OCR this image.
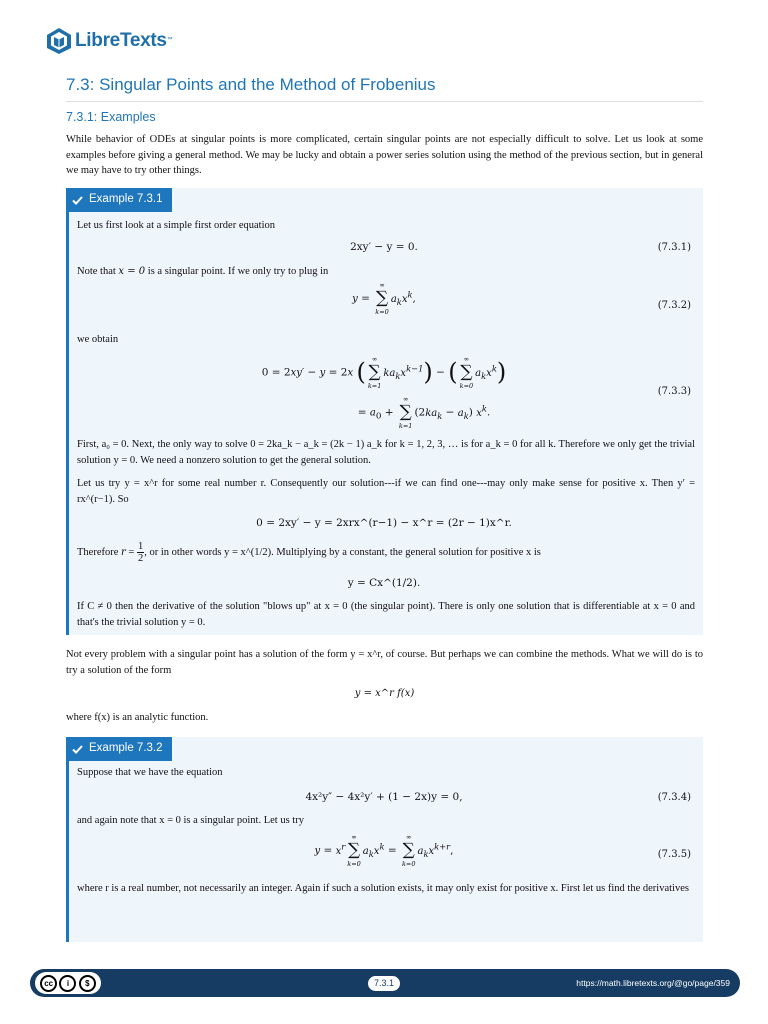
LibreTexts™
7.3: Singular Points and the Method of Frobenius
7.3.1: Examples
While behavior of ODEs at singular points is more complicated, certain singular points are not especially difficult to solve. Let us look at some examples before giving a general method. We may be lucky and obtain a power series solution using the method of the previous section, but in general we may have to try other things.
Example 7.3.1
Let us first look at a simple first order equation
2xy′ − y = 0.	(7.3.1)
Note that x = 0 is a singular point. If we only try to plug in
y = ∞
∑
$k=0a_kx^k$,
(7.3.2)
we obtain
0 = 2xy′ − y = 2x ( ∞
∑
$k=1ka_kx^{k-1}$) − ( ∞
∑
$k=0a_kx^k$)
= $a_0$ + ∞
∑
$k=1(2ka_k - a_k)$ $x^k$.
(7.3.3)
First, a₀ = 0. Next, the only way to solve 0 = 2ka_k − a_k = (2k − 1) a_k for k = 1, 2, 3, … is for a_k = 0 for all k. Therefore we only get the trivial solution y = 0. We need a nonzero solution to get the general solution.
Let us try y = x^r for some real number r. Consequently our solution---if we can find one---may only make sense for positive x. Then y′ = rx^(r−1). So
0 = 2xy′ − y = 2xrx^(r−1) − x^r = (2r − 1)x^r.
Therefore $r = \frac{1}{2}$ , or in other words y = x^(1/2). Multiplying by a constant, the general solution for positive x is
y = Cx^(1/2).
If C ≠ 0 then the derivative of the solution "blows up" at x = 0 (the singular point). There is only one solution that is differentiable at x = 0 and that's the trivial solution y = 0.
Not every problem with a singular point has a solution of the form y = x^r, of course. But perhaps we can combine the methods. What we will do is to try a solution of the form
y = x^r f(x)
where f(x) is an analytic function.
Example 7.3.2
Suppose that we have the equation
4x²y″ − 4x²y′ + (1 − 2x)y = 0,	(7.3.4)
and again note that x = 0 is a singular point. Let us try
$y = x^r\infty$
∑
$k=0a_kx^k$ = ∞
∑
$k=0a_kx^{k+r}$,	(7.3.5)
where r is a real number, not necessarily an integer. Again if such a solution exists, it may only exist for positive x. First let us find the derivatives
cc	i	$	7.3.1	https://math.libretexts.org/@go/page/359
